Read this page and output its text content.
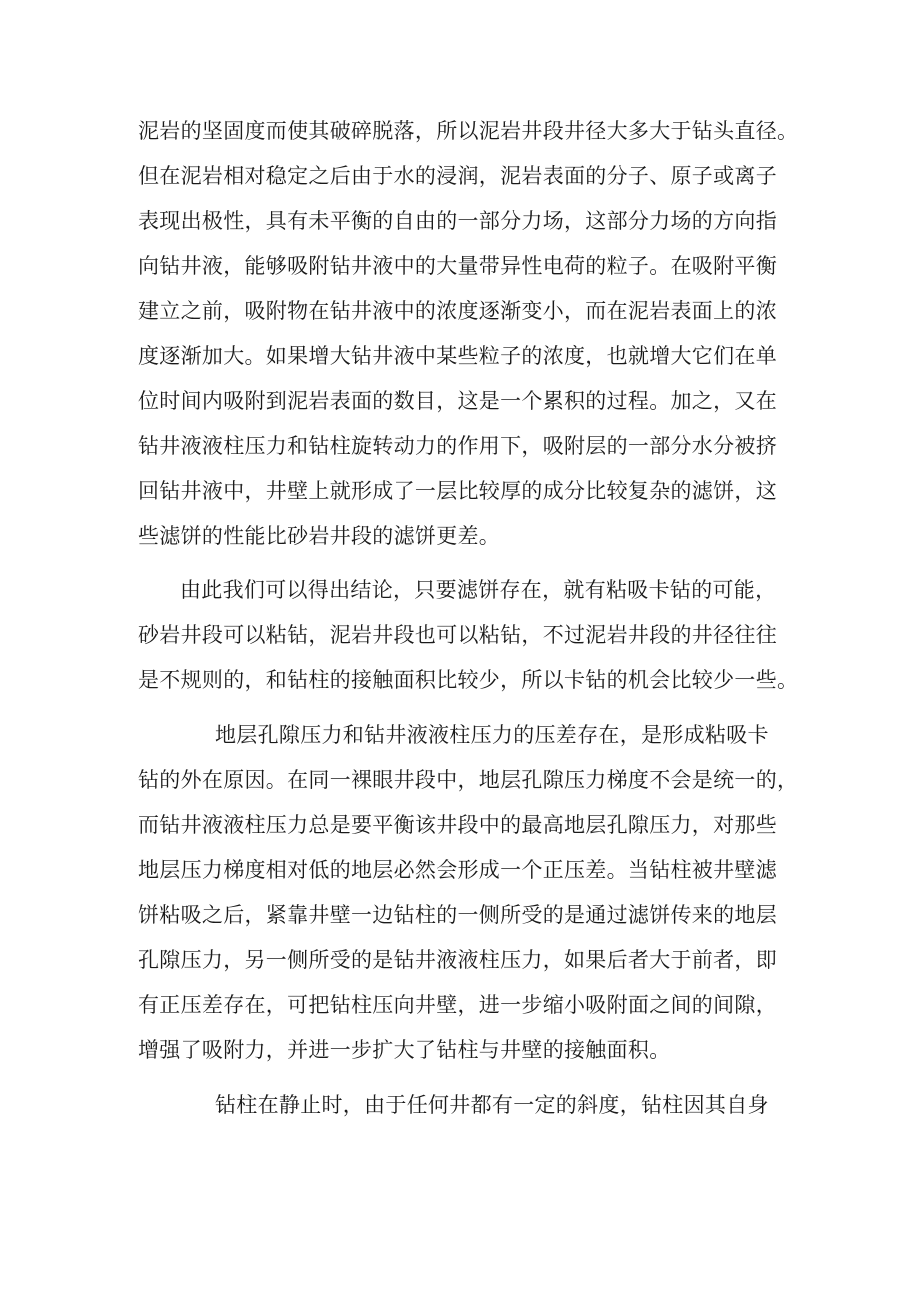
泥岩的坚固度而使其破碎脱落，所以泥岩井段井径大多大于钻头直径。
但在泥岩相对稳定之后由于水的浸润，泥岩表面的分子、原子或离子
表现出极性，具有未平衡的自由的一部分力场，这部分力场的方向指
向钻井液，能够吸附钻井液中的大量带异性电荷的粒子。在吸附平衡
建立之前，吸附物在钻井液中的浓度逐渐变小，而在泥岩表面上的浓
度逐渐加大。如果增大钻井液中某些粒子的浓度，也就增大它们在单
位时间内吸附到泥岩表面的数目，这是一个累积的过程。加之，又在
钻井液液柱压力和钻柱旋转动力的作用下，吸附层的一部分水分被挤
回钻井液中，井壁上就形成了一层比较厚的成分比较复杂的滤饼，这
些滤饼的性能比砂岩井段的滤饼更差。
由此我们可以得出结论，只要滤饼存在，就有粘吸卡钻的可能，
砂岩井段可以粘钻，泥岩井段也可以粘钻，不过泥岩井段的井径往往
是不规则的，和钻柱的接触面积比较少，所以卡钻的机会比较少一些。
地层孔隙压力和钻井液液柱压力的压差存在，是形成粘吸卡
钻的外在原因。在同一裸眼井段中，地层孔隙压力梯度不会是统一的，
而钻井液液柱压力总是要平衡该井段中的最高地层孔隙压力，对那些
地层压力梯度相对低的地层必然会形成一个正压差。当钻柱被井壁滤
饼粘吸之后，紧靠井壁一边钻柱的一侧所受的是通过滤饼传来的地层
孔隙压力，另一侧所受的是钻井液液柱压力，如果后者大于前者，即
有正压差存在，可把钻柱压向井壁，进一步缩小吸附面之间的间隙，
增强了吸附力，并进一步扩大了钻柱与井壁的接触面积。
钻柱在静止时，由于任何井都有一定的斜度，钻柱因其自身
